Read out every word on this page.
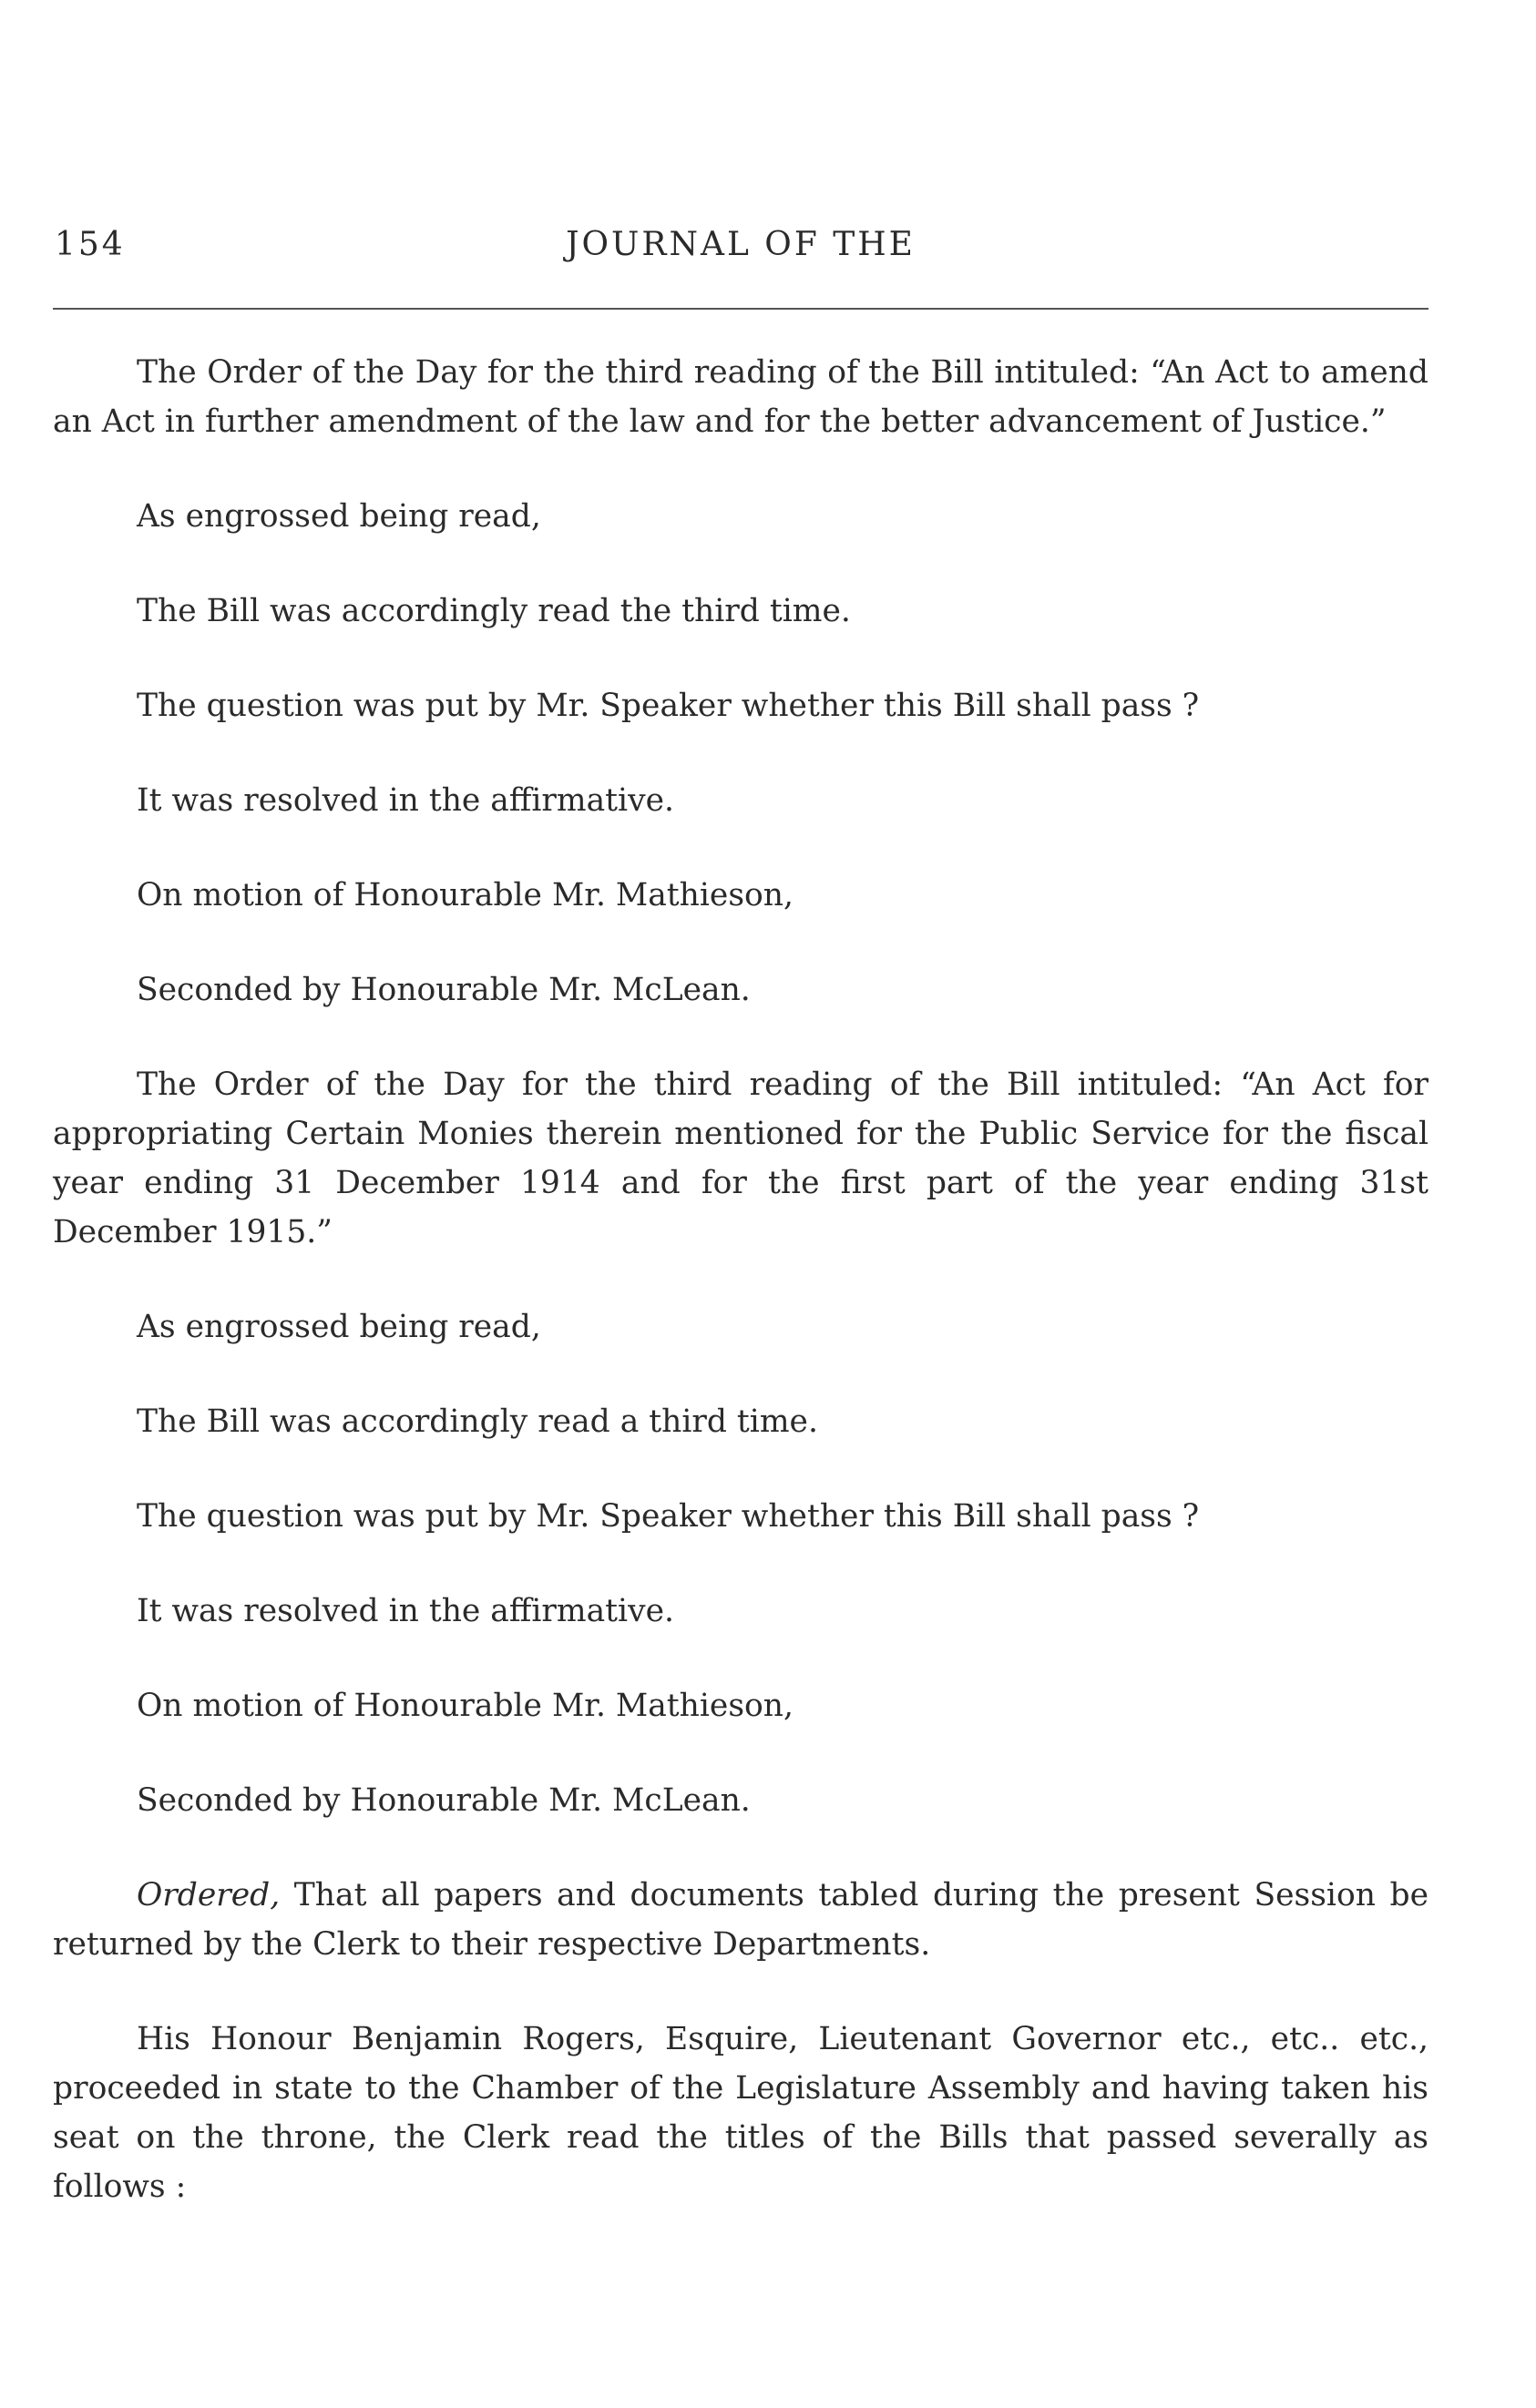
154	JOURNAL OF THE

The Order of the Day for the third reading of the Bill intituled: “An Act to amend an Act in further amendment of the law and for the better advancement of Justice.”

As engrossed being read,

The Bill was accordingly read the third time.

The question was put by Mr. Speaker whether this Bill shall pass ?

It was resolved in the affirmative.

On motion of Honourable Mr. Mathieson,

Seconded by Honourable Mr. McLean.

The Order of the Day for the third reading of the Bill intituled: “An Act for appropriating Certain Monies therein mentioned for the Public Service for the fiscal year ending 31 December 1914 and for the first part of the year ending 31st December 1915.”

As engrossed being read,

The Bill was accordingly read a third time.

The question was put by Mr. Speaker whether this Bill shall pass ?

It was resolved in the affirmative.

On motion of Honourable Mr. Mathieson,

Seconded by Honourable Mr. McLean.

Ordered, That all papers and documents tabled during the present Session be returned by the Clerk to their respective Departments.

His Honour Benjamin Rogers, Esquire, Lieutenant Governor etc., etc.. etc., proceeded in state to the Chamber of the Legislature Assembly and having taken his seat on the throne, the Clerk read the titles of the Bills that passed severally as follows :
